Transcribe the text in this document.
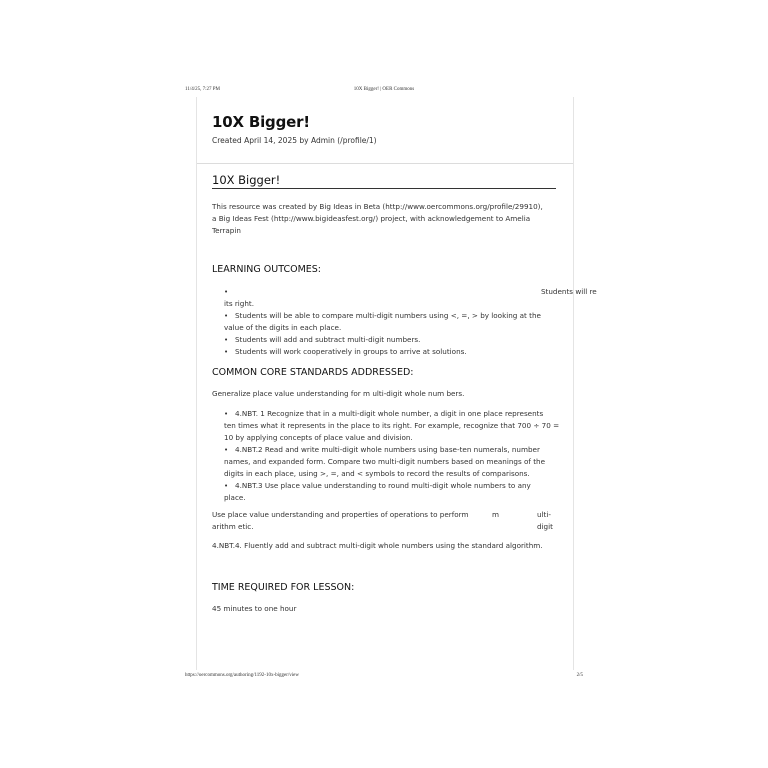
11/4/25, 7:27 PM	10X Bigger! | OER Commons
10X Bigger!
Created April 14, 2025 by Admin (/profile/1)
10X Bigger!
This resource was created by Big Ideas in Beta (http://www.oercommons.org/profile/29910),
a Big Ideas Fest (http://www.bigideasfest.org/) project, with acknowledgement to Amelia
Terrapin
LEARNING OUTCOMES:
•
its right.
• Students will be able to compare multi-digit numbers using <, =, > by looking at the
value of the digits in each place.
• Students will add and subtract multi-digit numbers.
• Students will work cooperatively in groups to arrive at solutions.
Students will re
COMMON CORE STANDARDS ADDRESSED:
Generalize place value understanding for m ulti-digit whole num bers.
• 4.NBT. 1 Recognize that in a multi-digit whole number, a digit in one place represents
ten times what it represents in the place to its right. For example, recognize that 700 ÷ 70 =
10 by applying concepts of place value and division.
• 4.NBT.2 Read and write multi-digit whole numbers using base-ten numerals, number
names, and expanded form. Compare two multi-digit numbers based on meanings of the
digits in each place, using >, =, and < symbols to record the results of comparisons.
• 4.NBT.3 Use place value understanding to round multi-digit whole numbers to any
place.
Use place value understanding and properties of operations to perform	m	ulti-digit
arithm etic.
4.NBT.4. Fluently add and subtract multi-digit whole numbers using the standard algorithm.
TIME REQUIRED FOR LESSON:
45 minutes to one hour
https://oercommons.org/authoring/1192-10x-bigger/view	2/5
